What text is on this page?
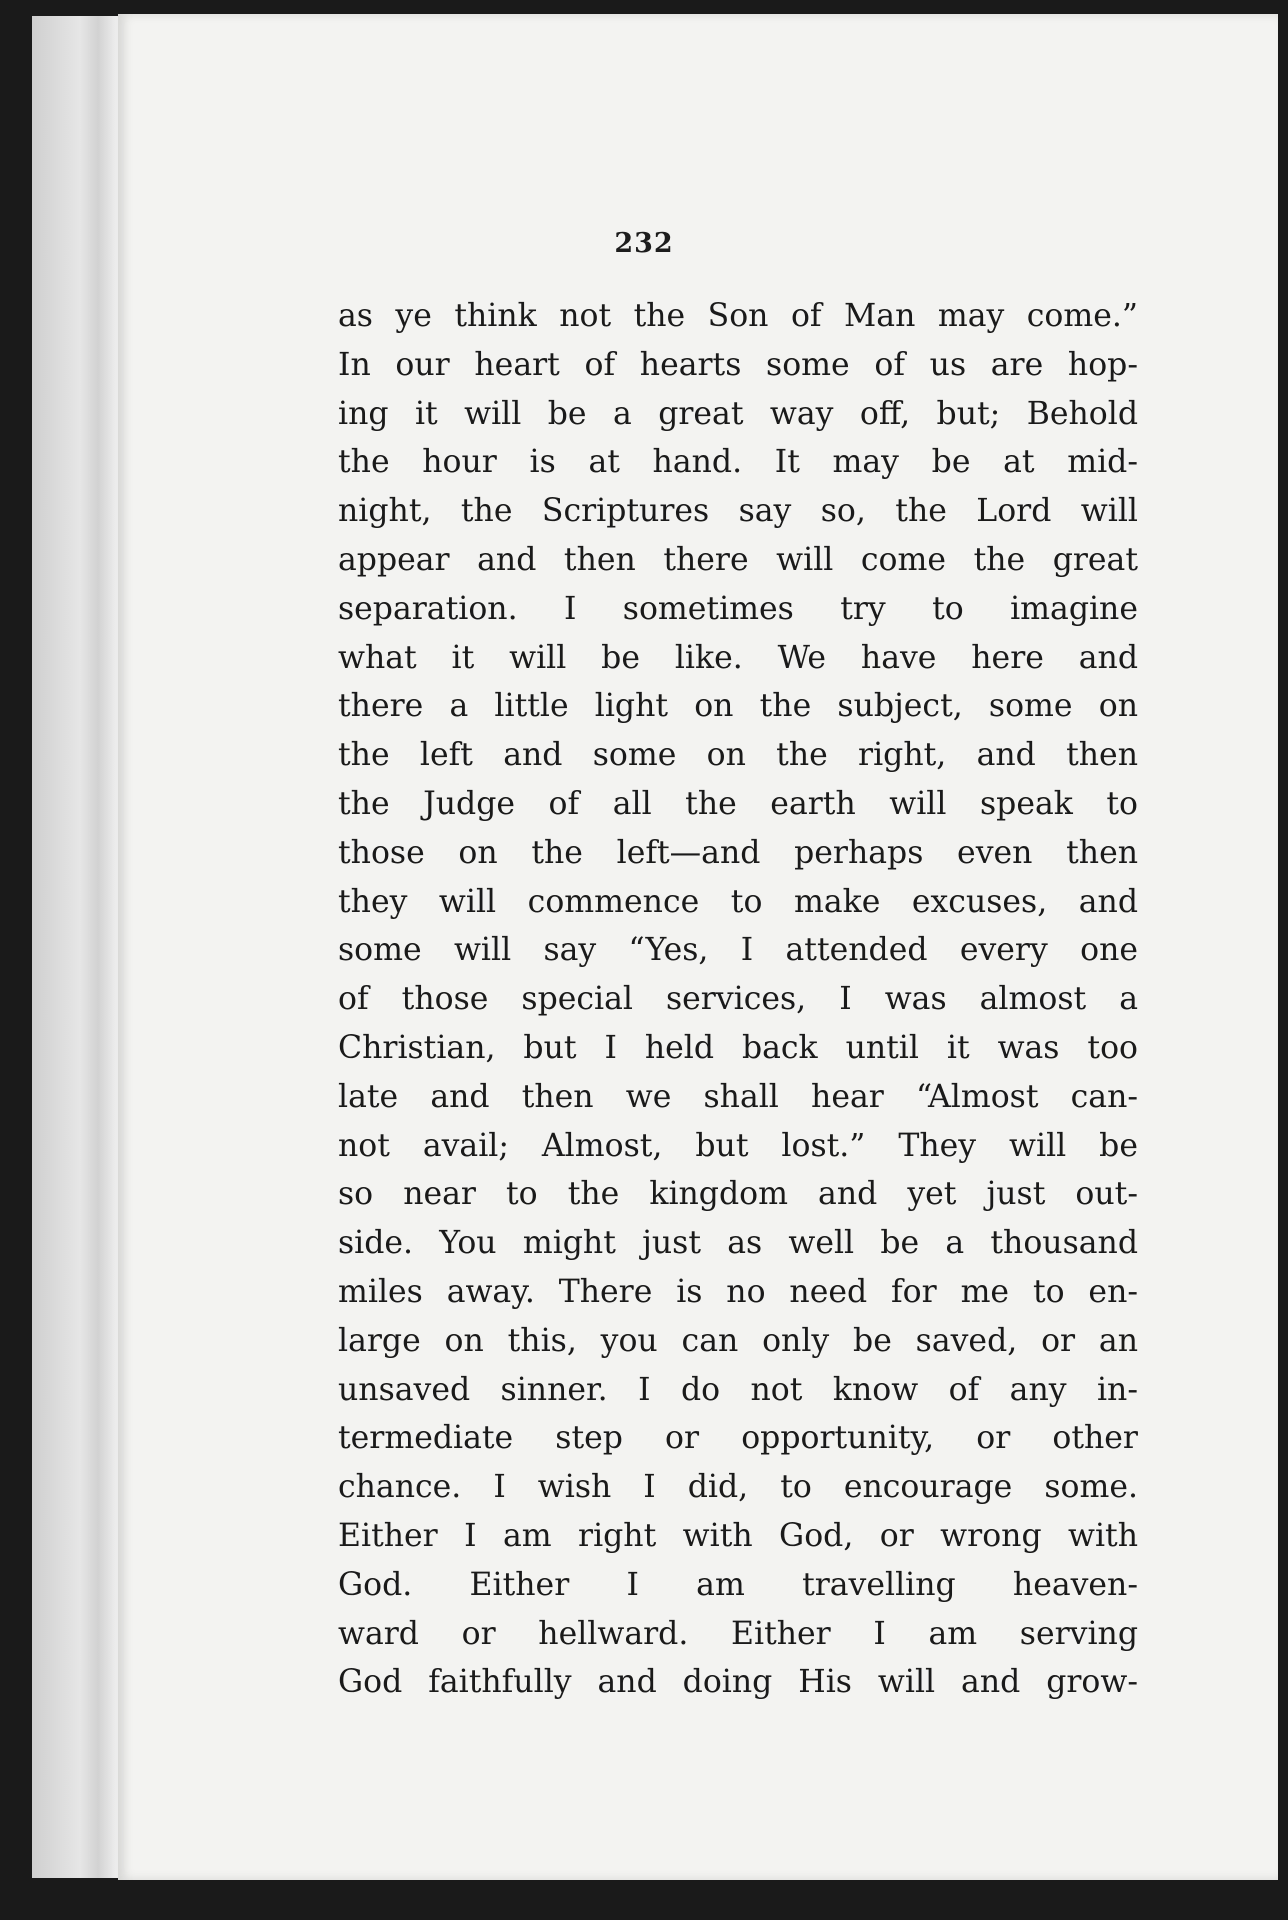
232
as ye think not the Son of Man may come.”
In our heart of hearts some of us are hop-
ing it will be a great way off, but; Behold
the hour is at hand. It may be at mid-
night, the Scriptures say so, the Lord will
appear and then there will come the great
separation. I sometimes try to imagine
what it will be like. We have here and
there a little light on the subject, some on
the left and some on the right, and then
the Judge of all the earth will speak to
those on the left—and perhaps even then
they will commence to make excuses, and
some will say “Yes, I attended every one
of those special services, I was almost a
Christian, but I held back until it was too
late and then we shall hear “Almost can-
not avail; Almost, but lost.” They will be
so near to the kingdom and yet just out-
side. You might just as well be a thousand
miles away. There is no need for me to en-
large on this, you can only be saved, or an
unsaved sinner. I do not know of any in-
termediate step or opportunity, or other
chance. I wish I did, to encourage some.
Either I am right with God, or wrong with
God. Either I am travelling heaven-
ward or hellward. Either I am serving
God faithfully and doing His will and grow-
